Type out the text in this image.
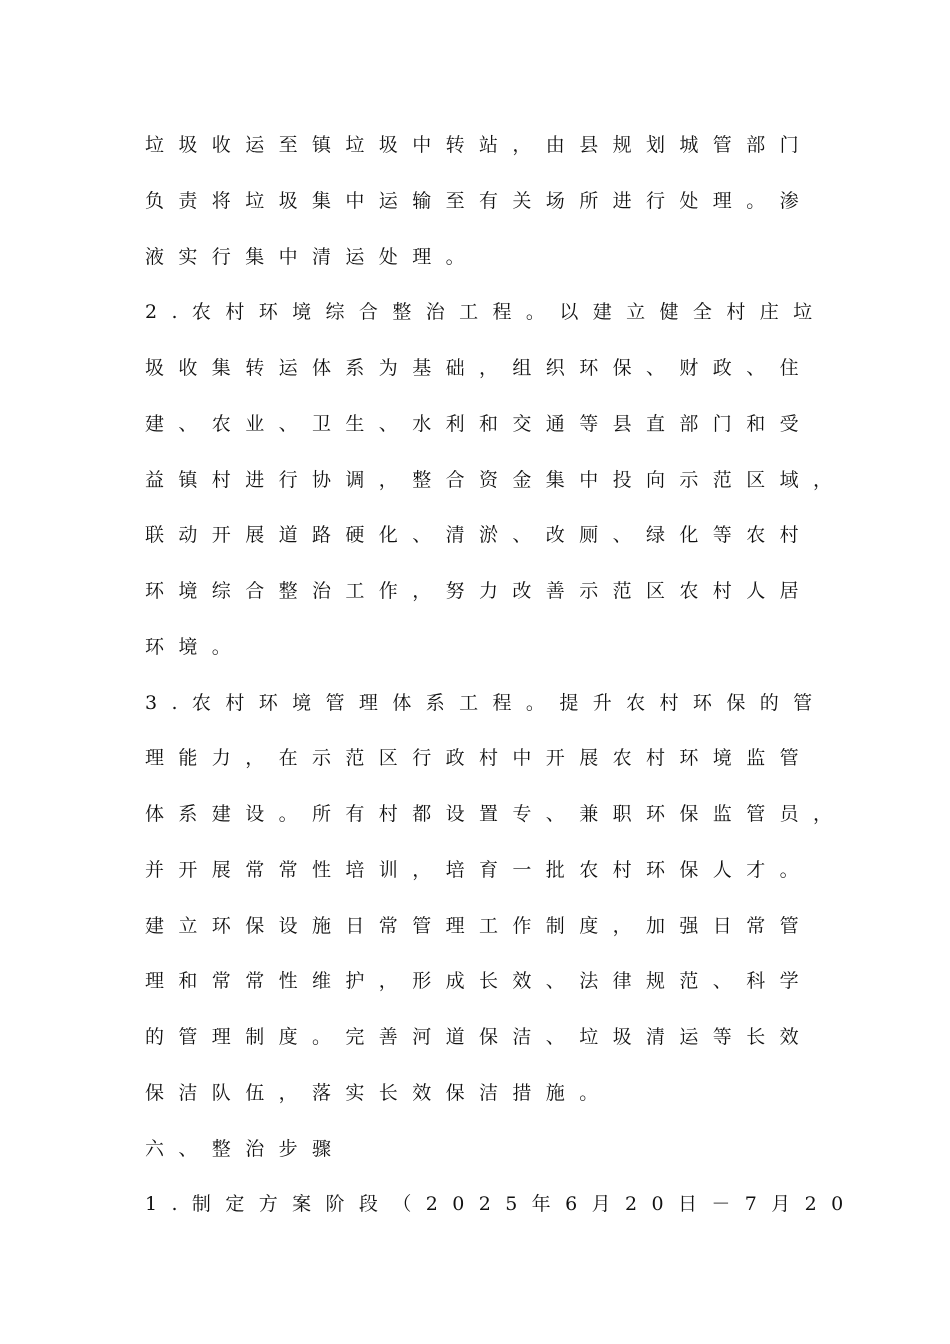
垃圾收运至镇垃圾中转站，由县规划城管部门
负责将垃圾集中运输至有关场所进行处理。渗
液实行集中清运处理。
2.农村环境综合整治工程。以建立健全村庄垃
圾收集转运体系为基础，组织环保、财政、住
建、农业、卫生、水利和交通等县直部门和受
益镇村进行协调，整合资金集中投向示范区域，
联动开展道路硬化、清淤、改厕、绿化等农村
环境综合整治工作，努力改善示范区农村人居
环境。
3.农村环境管理体系工程。提升农村环保的管
理能力，在示范区行政村中开展农村环境监管
体系建设。所有村都设置专、兼职环保监管员，
并开展常常性培训，培育一批农村环保人才。
建立环保设施日常管理工作制度，加强日常管
理和常常性维护，形成长效、法律规范、科学
的管理制度。完善河道保洁、垃圾清运等长效
保洁队伍，落实长效保洁措施。
六、整治步骤
1.制定方案阶段（2025年6月20日－7月20
